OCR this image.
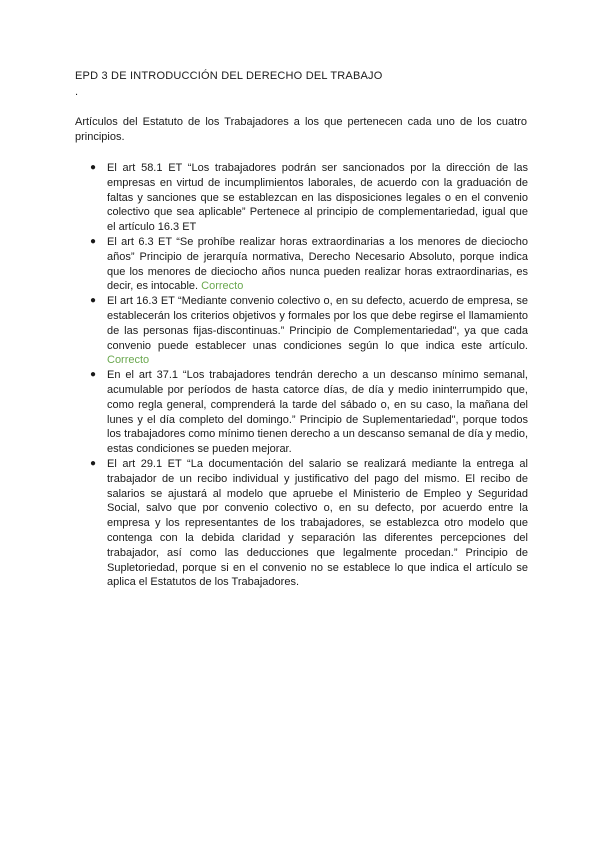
EPD 3 DE INTRODUCCIÓN DEL DERECHO DEL TRABAJO
.
Artículos del Estatuto de los Trabajadores a los que pertenecen cada uno de los cuatro principios.
● El art 58.1 ET “Los trabajadores podrán ser sancionados por la dirección de las empresas en virtud de incumplimientos laborales, de acuerdo con la graduación de faltas y sanciones que se establezcan en las disposiciones legales o en el convenio colectivo que sea aplicable” Pertenece al principio de complementariedad, igual que el artículo 16.3 ET
● El art 6.3 ET “Se prohíbe realizar horas extraordinarias a los menores de dieciocho años” Principio de jerarquía normativa, Derecho Necesario Absoluto, porque indica que los menores de dieciocho años nunca pueden realizar horas extraordinarias, es decir, es intocable. Correcto
● El art 16.3 ET “Mediante convenio colectivo o, en su defecto, acuerdo de empresa, se establecerán los criterios objetivos y formales por los que debe regirse el llamamiento de las personas fijas-discontinuas.” Principio de Complementariedad", ya que cada convenio puede establecer unas condiciones según lo que indica este artículo. Correcto
● En el art 37.1 “Los trabajadores tendrán derecho a un descanso mínimo semanal, acumulable por períodos de hasta catorce días, de día y medio ininterrumpido que, como regla general, comprenderá la tarde del sábado o, en su caso, la mañana del lunes y el día completo del domingo.” Principio de Suplementariedad", porque todos los trabajadores como mínimo tienen derecho a un descanso semanal de día y medio, estas condiciones se pueden mejorar.
● El art 29.1 ET “La documentación del salario se realizará mediante la entrega al trabajador de un recibo individual y justificativo del pago del mismo. El recibo de salarios se ajustará al modelo que apruebe el Ministerio de Empleo y Seguridad Social, salvo que por convenio colectivo o, en su defecto, por acuerdo entre la empresa y los representantes de los trabajadores, se establezca otro modelo que contenga con la debida claridad y separación las diferentes percepciones del trabajador, así como las deducciones que legalmente procedan.” Principio de Supletoriedad, porque si en el convenio no se establece lo que indica el artículo se aplica el Estatutos de los Trabajadores.
